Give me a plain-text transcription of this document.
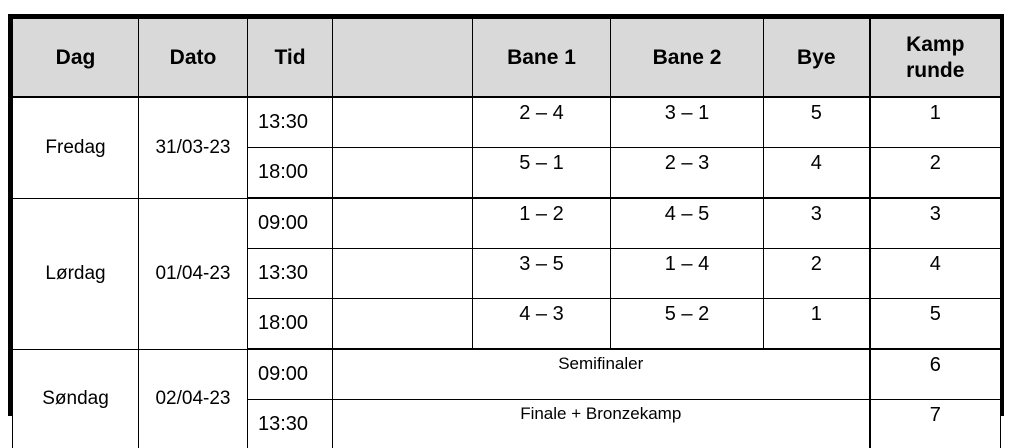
Dag	Dato	Tid		Bane 1	Bane 2	Bye	Kamp
runde
Fredag	31/03-23	13:30		2 – 4	3 – 1	5	1
		18:00		5 – 1	2 – 3	4	2
Lørdag	01/04-23	09:00		1 – 2	4 – 5	3	3
		13:30		3 – 5	1 – 4	2	4
		18:00		4 – 3	5 – 2	1	5
Søndag	02/04-23	09:00	Semifinaler				6
		13:30	Finale + Bronzekamp				7
